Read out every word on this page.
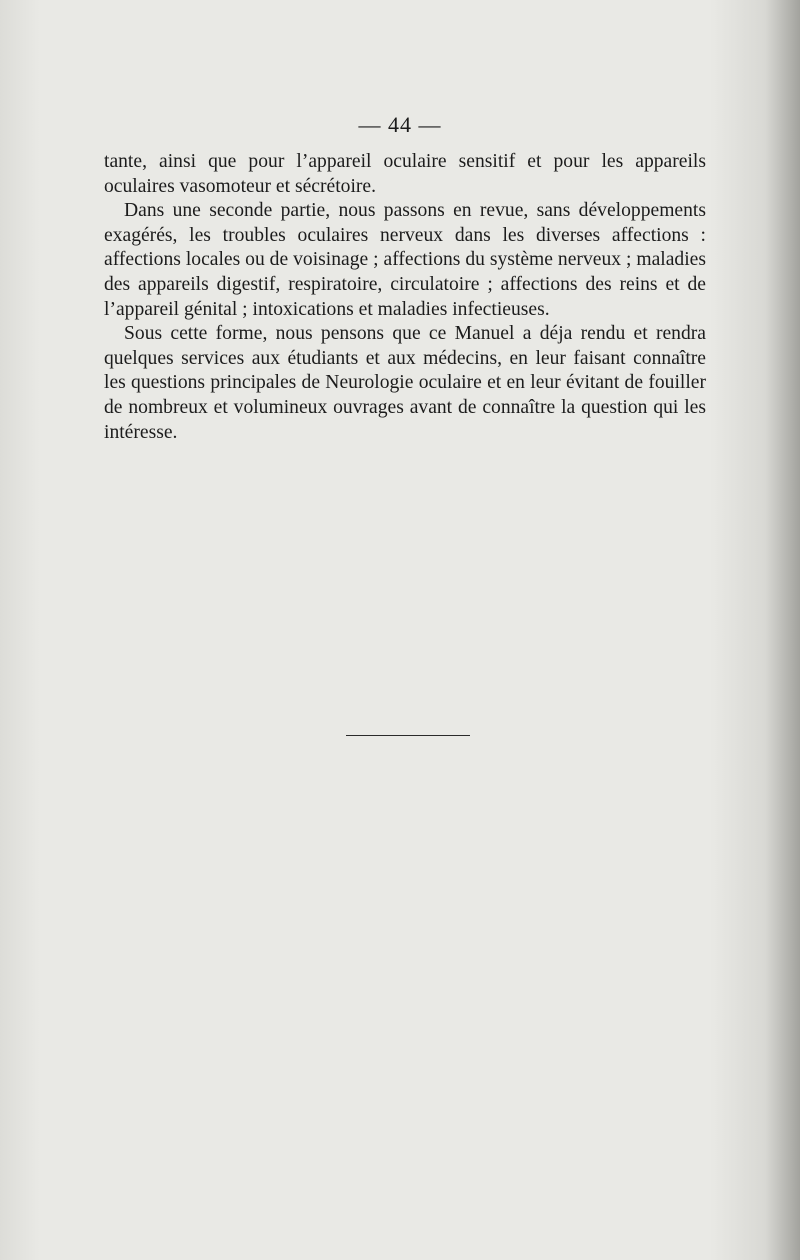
— 44 —

tante, ainsi que pour l’appareil oculaire sensitif et pour les appareils oculaires vasomoteur et sécrétoire.

Dans une seconde partie, nous passons en revue, sans développements exagérés, les troubles oculaires nerveux dans les diverses affections : affections locales ou de voisinage ; affections du système nerveux ; maladies des appareils digestif, respiratoire, circulatoire ; affections des reins et de l’appareil génital ; intoxications et maladies infectieuses.

Sous cette forme, nous pensons que ce Manuel a déja rendu et rendra quelques services aux étudiants et aux médecins, en leur faisant connaître les questions principales de Neurologie oculaire et en leur évitant de fouiller de nombreux et volumineux ouvrages avant de connaître la question qui les intéresse.
